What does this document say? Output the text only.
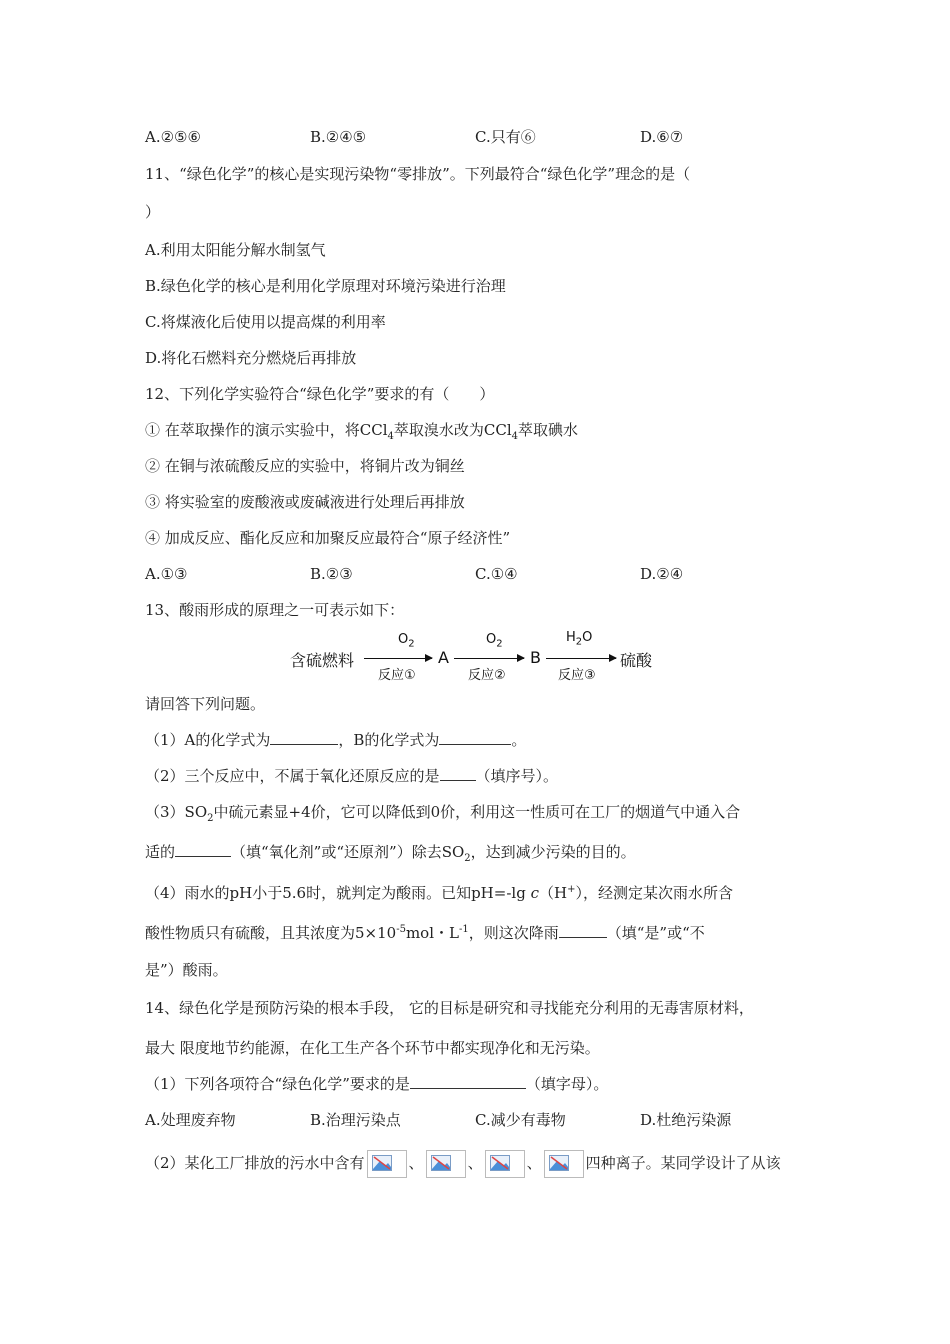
A.②⑤⑥	B.②④⑤	C.只有⑥	D.⑥⑦
11、“绿色化学”的核心是实现污染物“零排放”。下列最符合“绿色化学”理念的是（
）
A.利用太阳能分解水制氢气
B.绿色化学的核心是利用化学原理对环境污染进行治理
C.将煤液化后使用以提高煤的利用率
D.将化石燃料充分燃烧后再排放
12、下列化学实验符合“绿色化学”要求的有（　　）
① 在萃取操作的演示实验中，将CCl$_4$萃取溴水改为CCl$_4$萃取碘水
② 在铜与浓硫酸反应的实验中，将铜片改为铜丝
③ 将实验室的废酸液或废碱液进行处理后再排放
④ 加成反应、酯化反应和加聚反应最符合“原子经济性”
A.①③	B.②③	C.①④	D.②④
13、酸雨形成的原理之一可表示如下：
含硫燃料
$O_2$
反应①
A
$O_2$
反应②
B
$H_2O$
反应③
硫酸
请回答下列问题。
（1）A的化学式为	，B的化学式为	。
（2）三个反应中，不属于氧化还原反应的是 （填序号）。
$(3)SO_2$中硫元素显+4价，它可以降低到0价，利用这一性质可在工厂的烟道气中通入合
适的	（填“氧化剂”或“还原剂”）除去$SO_2$，达到减少污染的目的。
（4）雨水的pH小于5.6时，就判定为酸雨。已知pH=-lg c（H+），经测定某次雨水所含
酸性物质只有硫酸，且其浓度为$5\times 10^{-5}mol$・$L^{-1}$，则这次降雨	（填“是”或“不
是”）酸雨。
14、绿色化学是预防污染的根本手段， 它的目标是研究和寻找能充分利用的无毒害原材料，
最大 限度地节约能源，在化工生产各个环节中都实现净化和无污染。
（1）下列各项符合“绿色化学”要求的是	（填字母）。
A.处理废弃物	B.治理污染点	C.减少有毒物	D.杜绝污染源
（2）某化工厂排放的污水中含有	、	、	、	四种离子。某同学设计了从该
